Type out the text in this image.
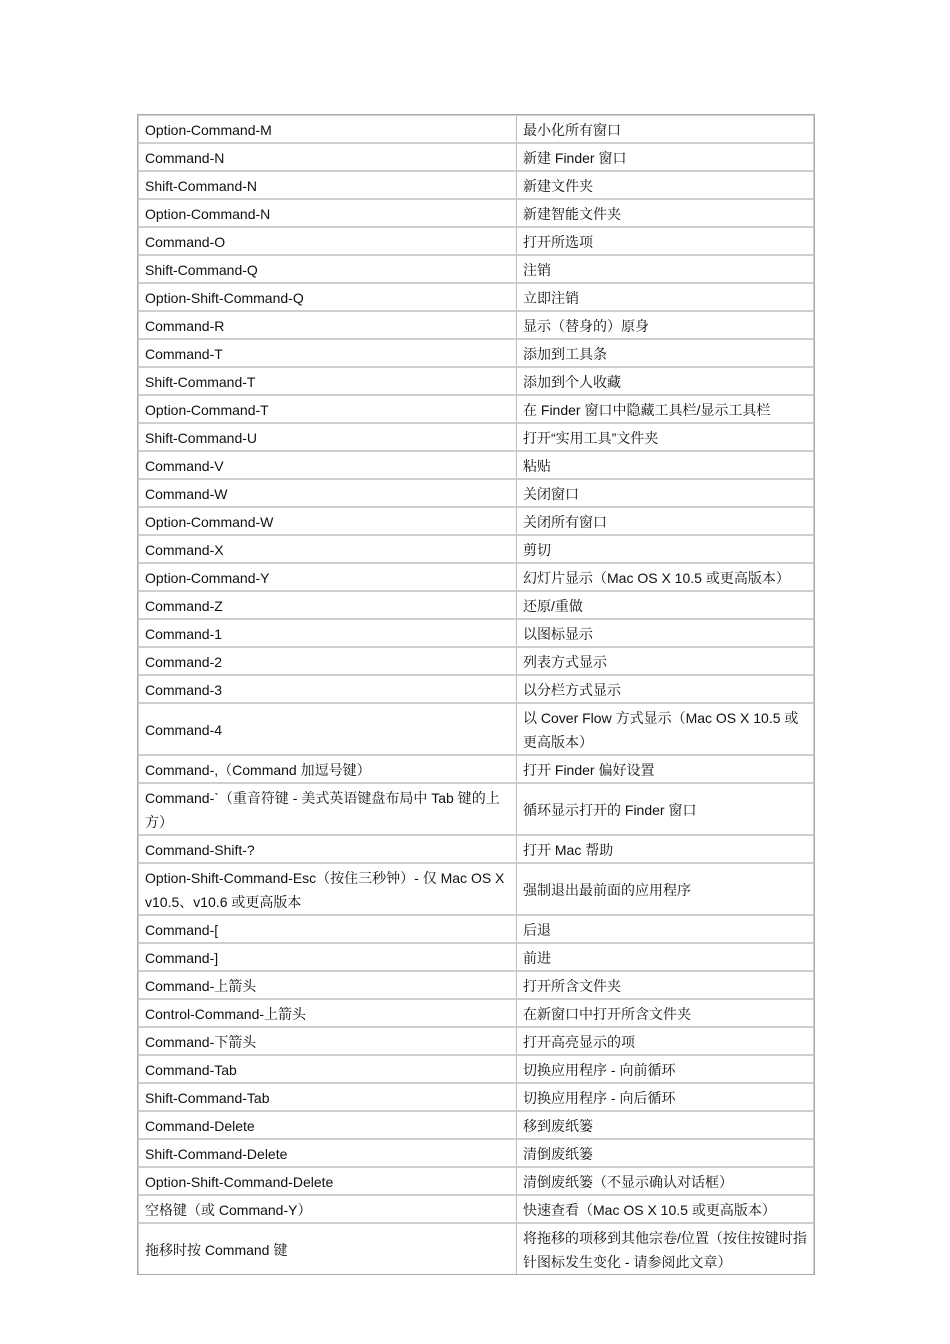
Option-Command-M	最小化所有窗口
Command-N	新建 Finder 窗口
Shift-Command-N	新建文件夹
Option-Command-N	新建智能文件夹
Command-O	打开所选项
Shift-Command-Q	注销
Option-Shift-Command-Q	立即注销
Command-R	显示（替身的）原身
Command-T	添加到工具条
Shift-Command-T	添加到个人收藏
Option-Command-T	在 Finder 窗口中隐藏工具栏/显示工具栏
Shift-Command-U	打开“实用工具”文件夹
Command-V	粘贴
Command-W	关闭窗口
Option-Command-W	关闭所有窗口
Command-X	剪切
Option-Command-Y	幻灯片显示（Mac OS X 10.5 或更高版本）
Command-Z	还原/重做
Command-1	以图标显示
Command-2	列表方式显示
Command-3	以分栏方式显示
Command-4	以 Cover Flow 方式显示（Mac OS X 10.5 或更高版本）
Command-,（Command 加逗号键）	打开 Finder 偏好设置
Command-`（重音符键 - 美式英语键盘布局中 Tab 键的上方）	循环显示打开的 Finder 窗口
Command-Shift-?	打开 Mac 帮助
Option-Shift-Command-Esc（按住三秒钟）- 仅 Mac OS X v10.5、v10.6 或更高版本	强制退出最前面的应用程序
Command-[	后退
Command-]	前进
Command-上箭头	打开所含文件夹
Control-Command-上箭头	在新窗口中打开所含文件夹
Command-下箭头	打开高亮显示的项
Command-Tab	切换应用程序 - 向前循环
Shift-Command-Tab	切换应用程序 - 向后循环
Command-Delete	移到废纸篓
Shift-Command-Delete	清倒废纸篓
Option-Shift-Command-Delete	清倒废纸篓（不显示确认对话框）
空格键（或 Command-Y）	快速查看（Mac OS X 10.5 或更高版本）
拖移时按 Command 键	将拖移的项移到其他宗卷/位置（按住按键时指针图标发生变化 - 请参阅此文章）
